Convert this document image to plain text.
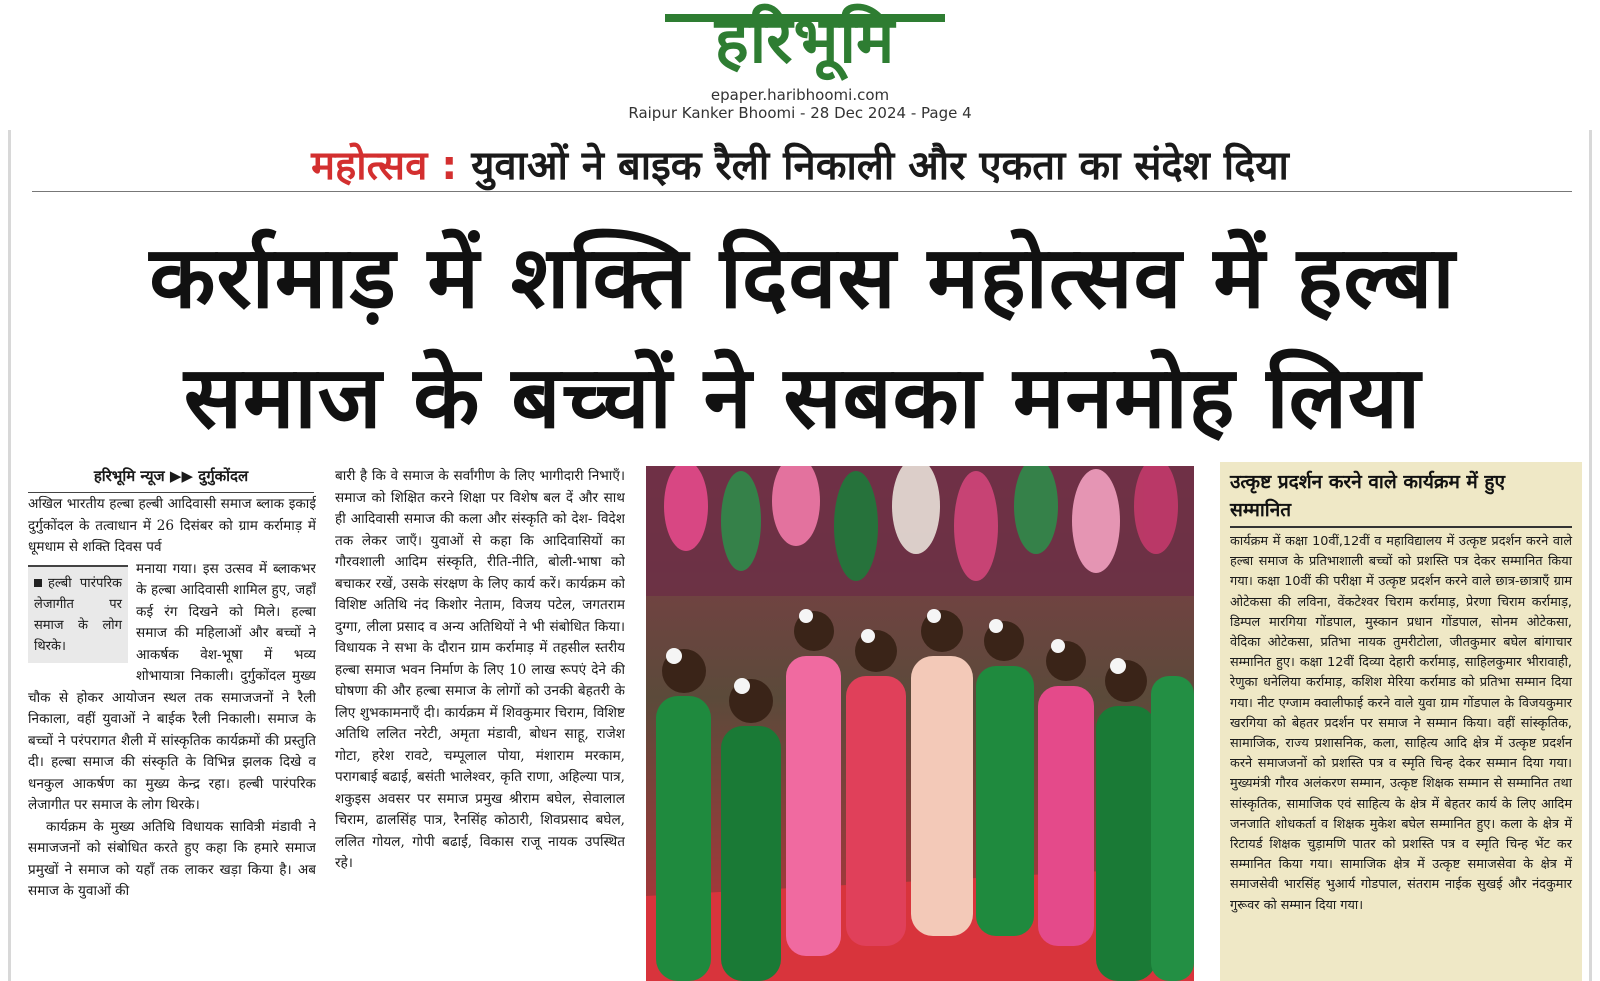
हरिभूमि
epaper.haribhoomi.com
Raipur Kanker Bhoomi - 28 Dec 2024 - Page 4
महोत्सव : युवाओं ने बाइक रैली निकाली और एकता का संदेश दिया
कर्रामाड़ में शक्ति दिवस महोत्सव में हल्बा
समाज के बच्चों ने सबका मनमोह लिया
हरिभूमि न्यूज ▶▶ दुर्गुकोंदल

अखिल भारतीय हल्बा हल्बी आदिवासी समाज ब्लाक इकाई दुर्गुकोंदल के तत्वाधान में 26 दिसंबर को ग्राम कर्रामाड़ में धूमधाम से शक्ति दिवस पर्व

हल्बी पारंपरिक लेजागीत पर समाज के लोग थिरके।

मनाया गया। इस उत्सव में ब्लाकभर के हल्बा आदिवासी शामिल हुए, जहाँ कई रंग दिखने को मिले। हल्बा समाज की महिलाओं और बच्चों ने आकर्षक वेश-भूषा में भव्य शोभायात्रा निकाली। दुर्गुकोंदल मुख्य चौक से होकर आयोजन स्थल तक समाजजनों ने रैली निकाला, वहीं युवाओं ने बाईक रैली निकाली। समाज के बच्चों ने परंपरागत शैली में सांस्कृतिक कार्यक्रमों की प्रस्तुति दी। हल्बा समाज की संस्कृति के विभिन्न झलक दिखे व धनकुल आकर्षण का मुख्य केन्द्र रहा। हल्बी पारंपरिक लेजागीत पर समाज के लोग थिरके।

कार्यक्रम के मुख्य अतिथि विधायक सावित्री मंडावी ने समाजजनों को संबोधित करते हुए कहा कि हमारे समाज प्रमुखों ने समाज को यहाँ तक लाकर खड़ा किया है। अब समाज के युवाओं की

बारी है कि वे समाज के सर्वांगीण के लिए भागीदारी निभाएँ। समाज को शिक्षित करने शिक्षा पर विशेष बल दें और साथ ही आदिवासी समाज की कला और संस्कृति को देश- विदेश तक लेकर जाएँ। युवाओं से कहा कि आदिवासियों का गौरवशाली आदिम संस्कृति, रीति-नीति, बोली-भाषा को बचाकर रखें, उसके संरक्षण के लिए कार्य करें। कार्यक्रम को विशिष्ट अतिथि नंद किशोर नेताम, विजय पटेल, जगतराम दुग्गा, लीला प्रसाद व अन्य अतिथियों ने भी संबोधित किया। विधायक ने सभा के दौरान ग्राम कर्रामाड़ में तहसील स्तरीय हल्बा समाज भवन निर्माण के लिए 10 लाख रूपएं देने की घोषणा की और हल्बा समाज के लोगों को उनकी बेहतरी के लिए शुभकामनाएँ दी। कार्यक्रम में शिवकुमार चिराम, विशिष्ट अतिथि ललित नरेटी, अमृता मंडावी, बोधन साहू, राजेश गोटा, हरेश रावटे, चम्पूलाल पोया, मंशाराम मरकाम, परागबाई बढाई, बसंती भालेश्वर, कृति राणा, अहिल्या पात्र, शकुइस अवसर पर समाज प्रमुख श्रीराम बघेल, सेवालाल चिराम, ढालसिंह पात्र, रैनसिंह कोठारी, शिवप्रसाद बघेल, ललित गोयल, गोपी बढाई, विकास राजू नायक उपस्थित रहे।

उत्कृष्ट प्रदर्शन करने वाले कार्यक्रम में हुए सम्मानित
कार्यक्रम में कक्षा 10वीं,12वीं व महाविद्यालय में उत्कृष्ट प्रदर्शन करने वाले हल्बा समाज के प्रतिभाशाली बच्चों को प्रशस्ति पत्र देकर सम्मानित किया गया। कक्षा 10वीं की परीक्षा में उत्कृष्ट प्रदर्शन करने वाले छात्र-छात्राएँ ग्राम ओटेकसा की लविना, वेंकटेश्वर चिराम कर्रामाड़, प्रेरणा चिराम कर्रामाड़, डिम्पल मारगिया गोंडपाल, मुस्कान प्रधान गोंडपाल, सोनम ओटेकसा, वेदिका ओटेकसा, प्रतिभा नायक तुमरीटोला, जीतकुमार बघेल बांगाचार सम्मानित हुए। कक्षा 12वीं दिव्या देहारी कर्रामाड़, साहिलकुमार भीरावाही, रेणुका धनेलिया कर्रामाड़, कशिश मेरिया कर्रामाड को प्रतिभा सम्मान दिया गया। नीट एग्जाम क्वालीफाई करने वाले युवा ग्राम गोंडपाल के विजयकुमार खरगिया को बेहतर प्रदर्शन पर समाज ने सम्मान किया। वहीं सांस्कृतिक, सामाजिक, राज्य प्रशासनिक, कला, साहित्य आदि क्षेत्र में उत्कृष्ट प्रदर्शन करने समाजजनों को प्रशस्ति पत्र व स्मृति चिन्ह देकर सम्मान दिया गया। मुख्यमंत्री गौरव अलंकरण सम्मान, उत्कृष्ट शिक्षक सम्मान से सम्मानित तथा सांस्कृतिक, सामाजिक एवं साहित्य के क्षेत्र में बेहतर कार्य के लिए आदिम जनजाति शोधकर्ता व शिक्षक मुकेश बघेल सम्मानित हुए। कला के क्षेत्र में रिटायर्ड शिक्षक चुड़ामणि पातर को प्रशस्ति पत्र व स्मृति चिन्ह भेंट कर सम्मानित किया गया। सामाजिक क्षेत्र में उत्कृष्ट समाजसेवा के क्षेत्र में समाजसेवी भारसिंह भुआर्य गोडपाल, संतराम नाईक सुखई और नंदकुमार गुरूवर को सम्मान दिया गया।
